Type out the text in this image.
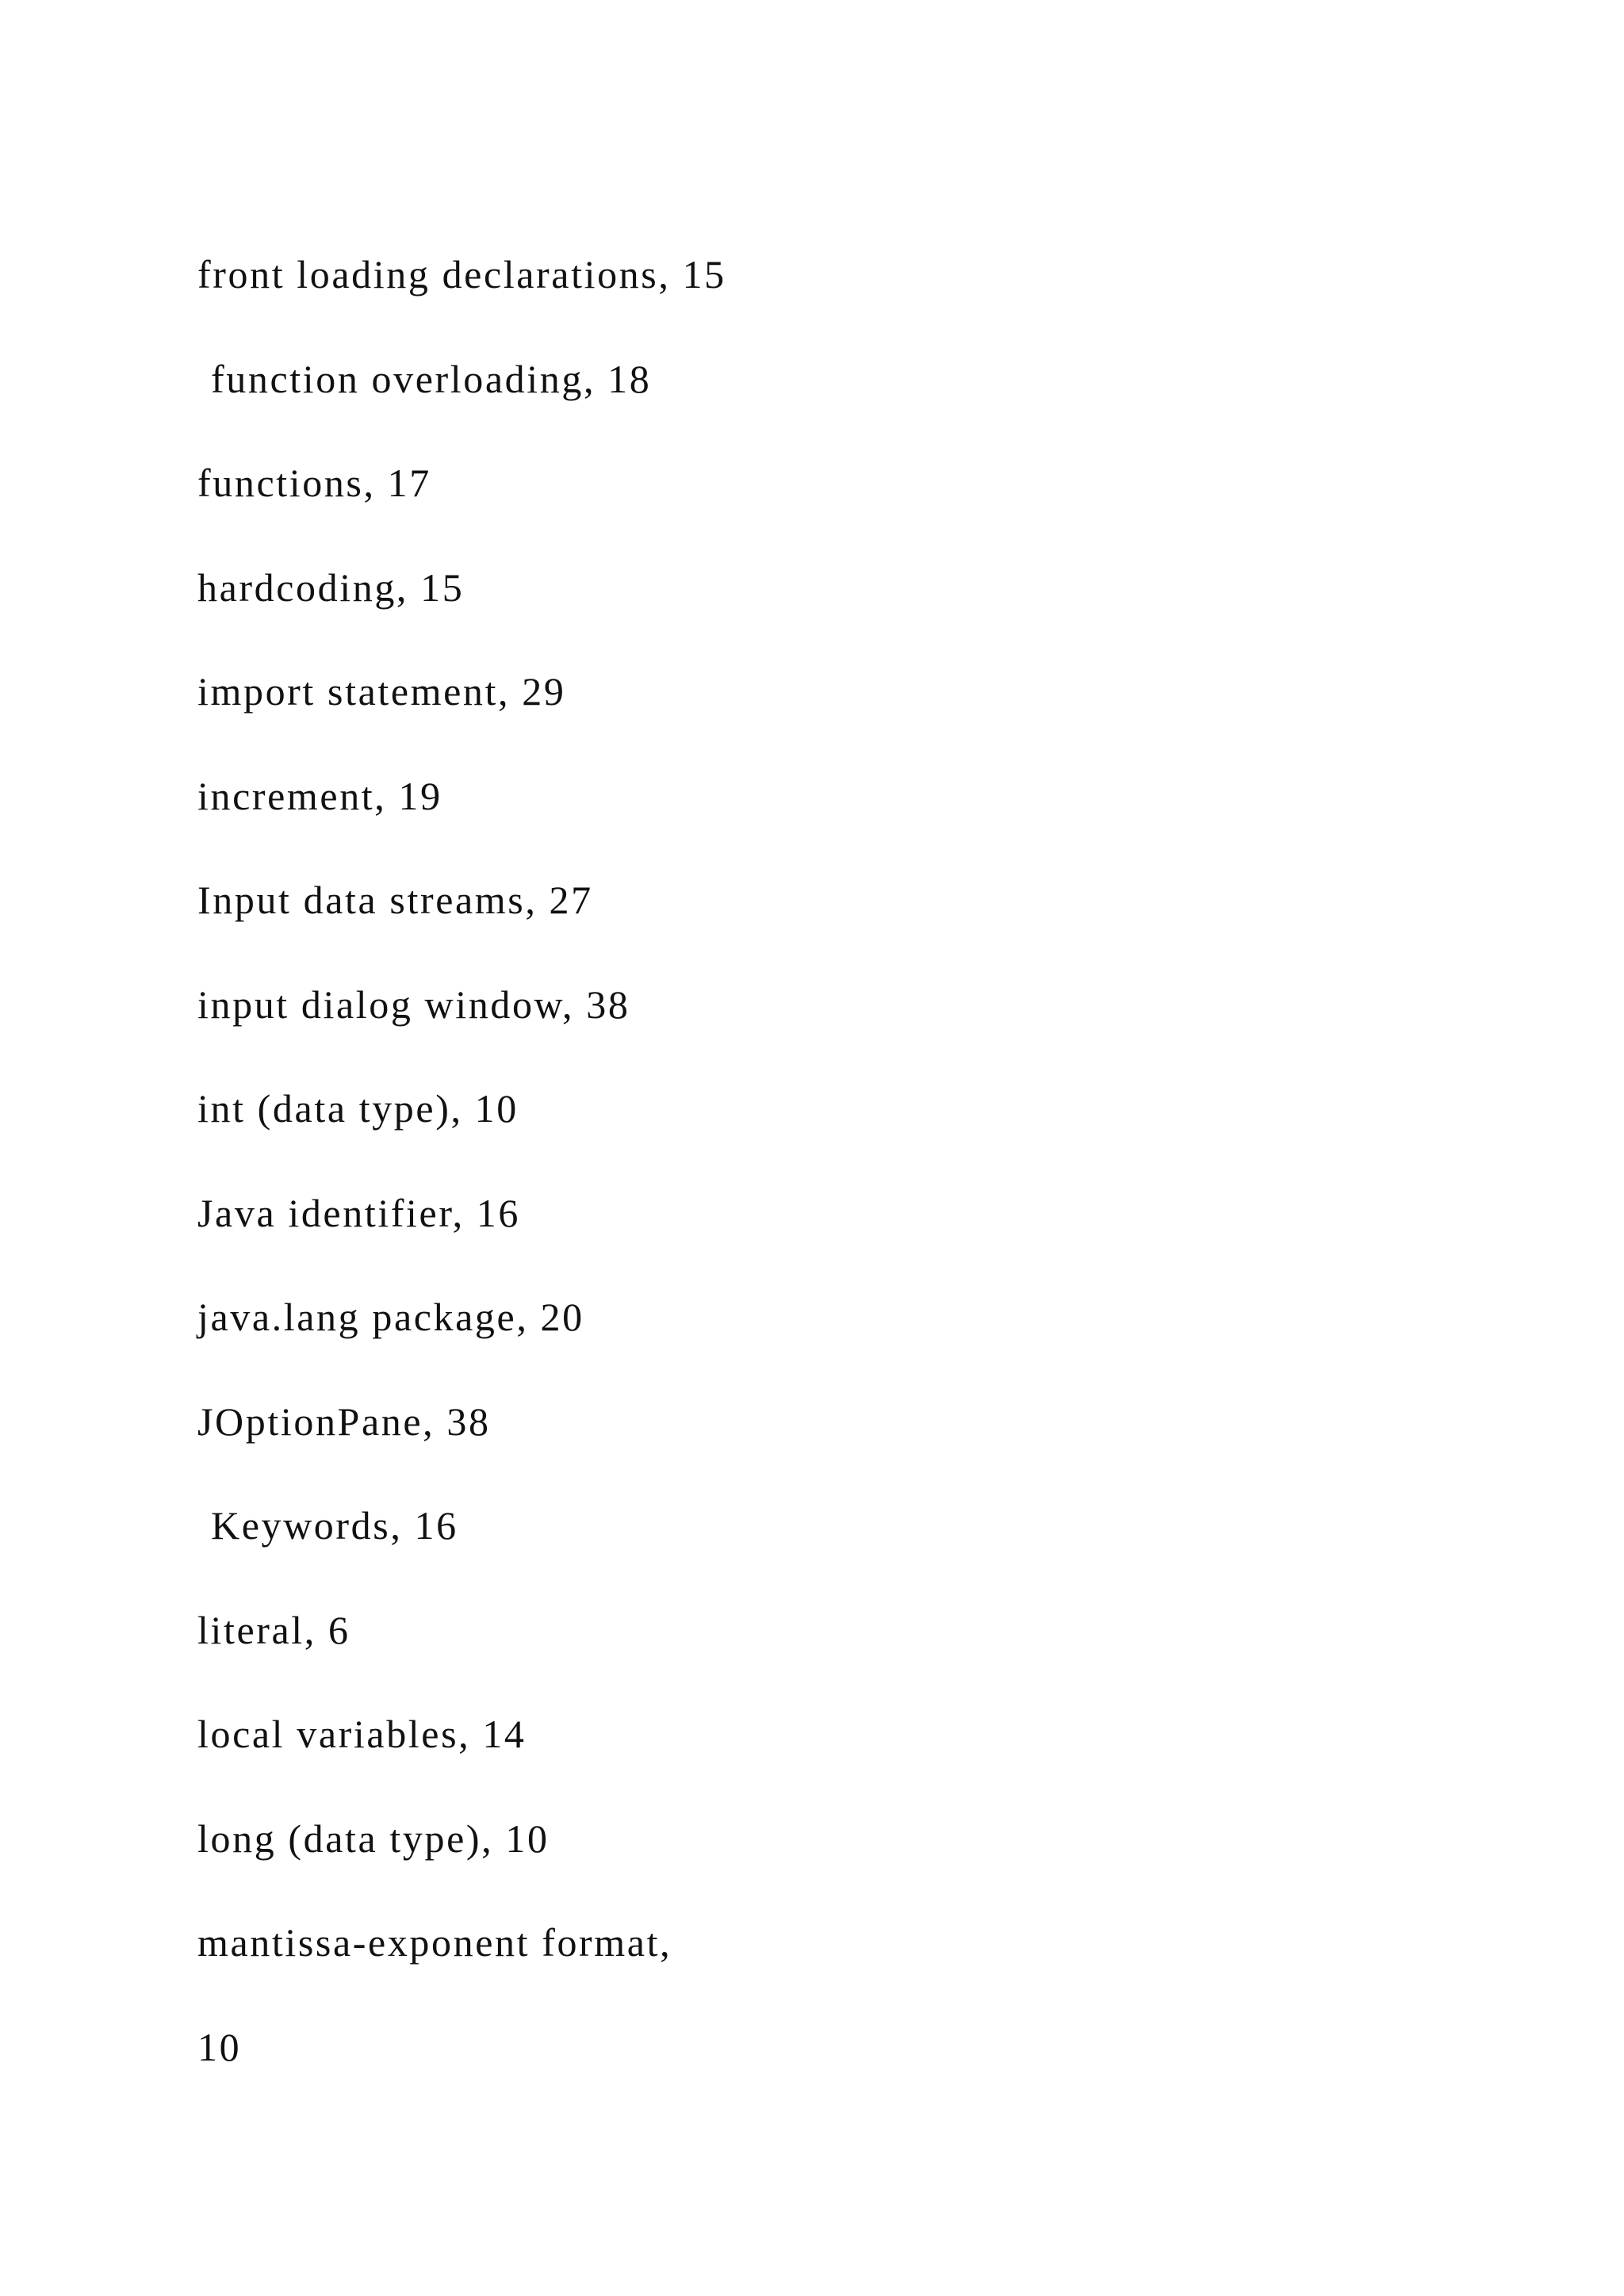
front loading declarations, 15
function overloading, 18
functions, 17
hardcoding, 15
import statement, 29
increment, 19
Input data streams, 27
input dialog window, 38
int (data type), 10
Java identifier, 16
java.lang package, 20
JOptionPane, 38
Keywords, 16
literal, 6
local variables, 14
long (data type), 10
mantissa-exponent format,
10
